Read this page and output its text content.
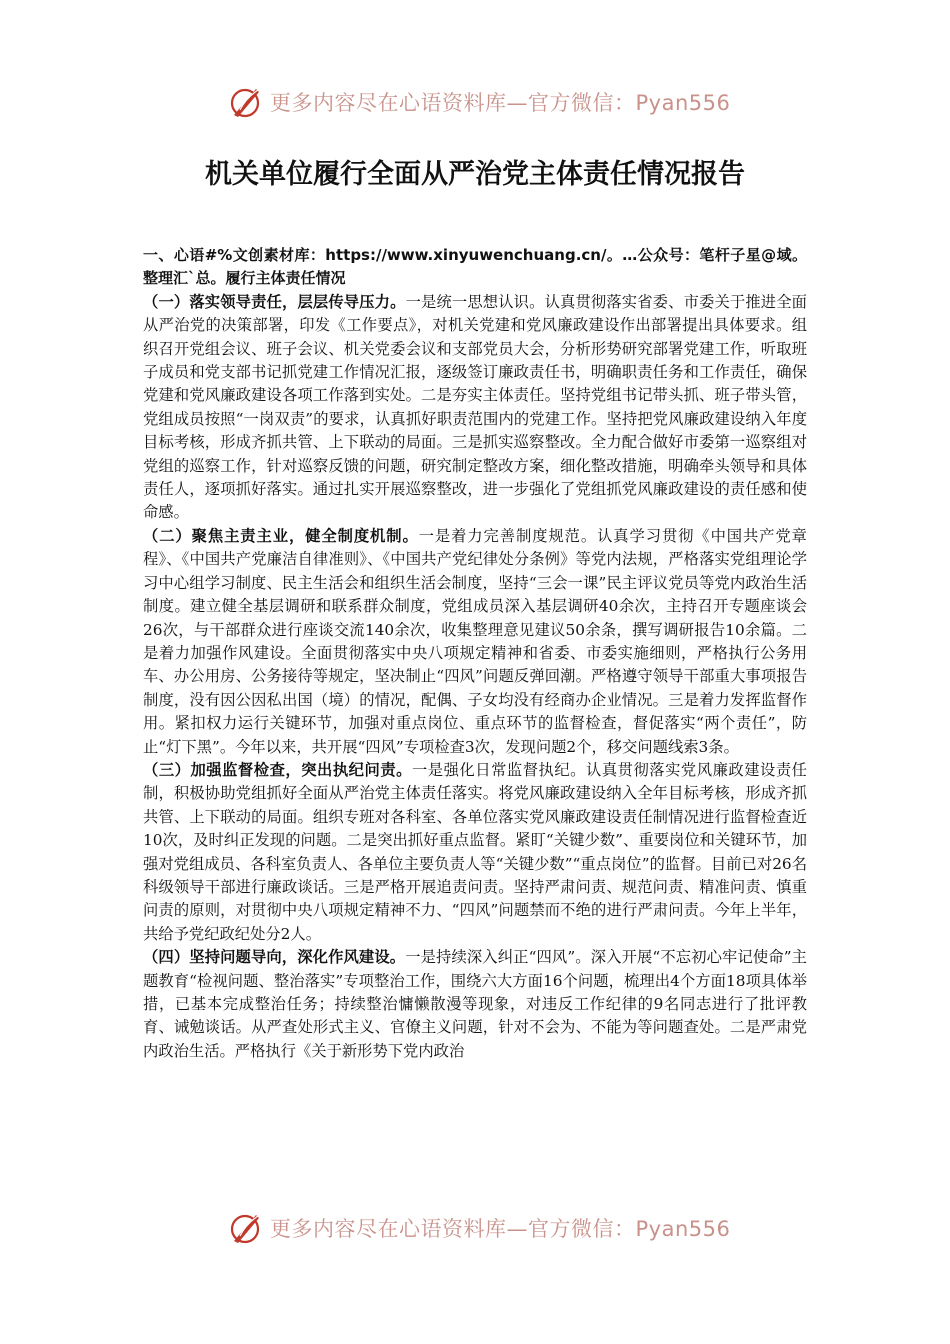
更多内容尽在心语资料库—官方微信：Pyan556
机关单位履行全面从严治党主体责任情况报告

一、心语#%文创素材库：https://www.xinyuwenchuang.cn/。…公众号：笔杆子星@域。整理汇`总。履行主体责任情况

（一）落实领导责任，层层传导压力。一是统一思想认识。认真贯彻落实省委、市委关于推进全面从严治党的决策部署，印发《工作要点》，对机关党建和党风廉政建设作出部署提出具体要求。组织召开党组会议、班子会议、机关党委会议和支部党员大会，分析形势研究部署党建工作，听取班子成员和党支部书记抓党建工作情况汇报，逐级签订廉政责任书，明确职责任务和工作责任，确保党建和党风廉政建设各项工作落到实处。二是夯实主体责任。坚持党组书记带头抓、班子带头管，党组成员按照“一岗双责”的要求，认真抓好职责范围内的党建工作。坚持把党风廉政建设纳入年度目标考核，形成齐抓共管、上下联动的局面。三是抓实巡察整改。全力配合做好市委第一巡察组对党组的巡察工作，针对巡察反馈的问题，研究制定整改方案，细化整改措施，明确牵头领导和具体责任人，逐项抓好落实。通过扎实开展巡察整改，进一步强化了党组抓党风廉政建设的责任感和使命感。

（二）聚焦主责主业，健全制度机制。一是着力完善制度规范。认真学习贯彻《中国共产党章程》、《中国共产党廉洁自律准则》、《中国共产党纪律处分条例》等党内法规，严格落实党组理论学习中心组学习制度、民主生活会和组织生活会制度，坚持“三会一课”民主评议党员等党内政治生活制度。建立健全基层调研和联系群众制度，党组成员深入基层调研40余次，主持召开专题座谈会26次，与干部群众进行座谈交流140余次，收集整理意见建议50余条，撰写调研报告10余篇。二是着力加强作风建设。全面贯彻落实中央八项规定精神和省委、市委实施细则，严格执行公务用车、办公用房、公务接待等规定，坚决制止“四风”问题反弹回潮。严格遵守领导干部重大事项报告制度，没有因公因私出国（境）的情况，配偶、子女均没有经商办企业情况。三是着力发挥监督作用。紧扣权力运行关键环节，加强对重点岗位、重点环节的监督检查，督促落实“两个责任”，防止“灯下黑”。今年以来，共开展“四风”专项检查3次，发现问题2个，移交问题线索3条。

（三）加强监督检查，突出执纪问责。一是强化日常监督执纪。认真贯彻落实党风廉政建设责任制，积极协助党组抓好全面从严治党主体责任落实。将党风廉政建设纳入全年目标考核，形成齐抓共管、上下联动的局面。组织专班对各科室、各单位落实党风廉政建设责任制情况进行监督检查近10次，及时纠正发现的问题。二是突出抓好重点监督。紧盯“关键少数”、重要岗位和关键环节，加强对党组成员、各科室负责人、各单位主要负责人等“关键少数”“重点岗位”的监督。目前已对26名科级领导干部进行廉政谈话。三是严格开展追责问责。坚持严肃问责、规范问责、精准问责、慎重问责的原则，对贯彻中央八项规定精神不力、“四风”问题禁而不绝的进行严肃问责。今年上半年，共给予党纪政纪处分2人。

（四）坚持问题导向，深化作风建设。一是持续深入纠正“四风”。深入开展“不忘初心牢记使命”主题教育“检视问题、整治落实”专项整治工作，围绕六大方面16个问题，梳理出4个方面18项具体举措，已基本完成整治任务；持续整治慵懒散漫等现象，对违反工作纪律的9名同志进行了批评教育、诫勉谈话。从严查处形式主义、官僚主义问题，针对不会为、不能为等问题查处。二是严肃党内政治生活。严格执行《关于新形势下党内政治

更多内容尽在心语资料库—官方微信：Pyan556
